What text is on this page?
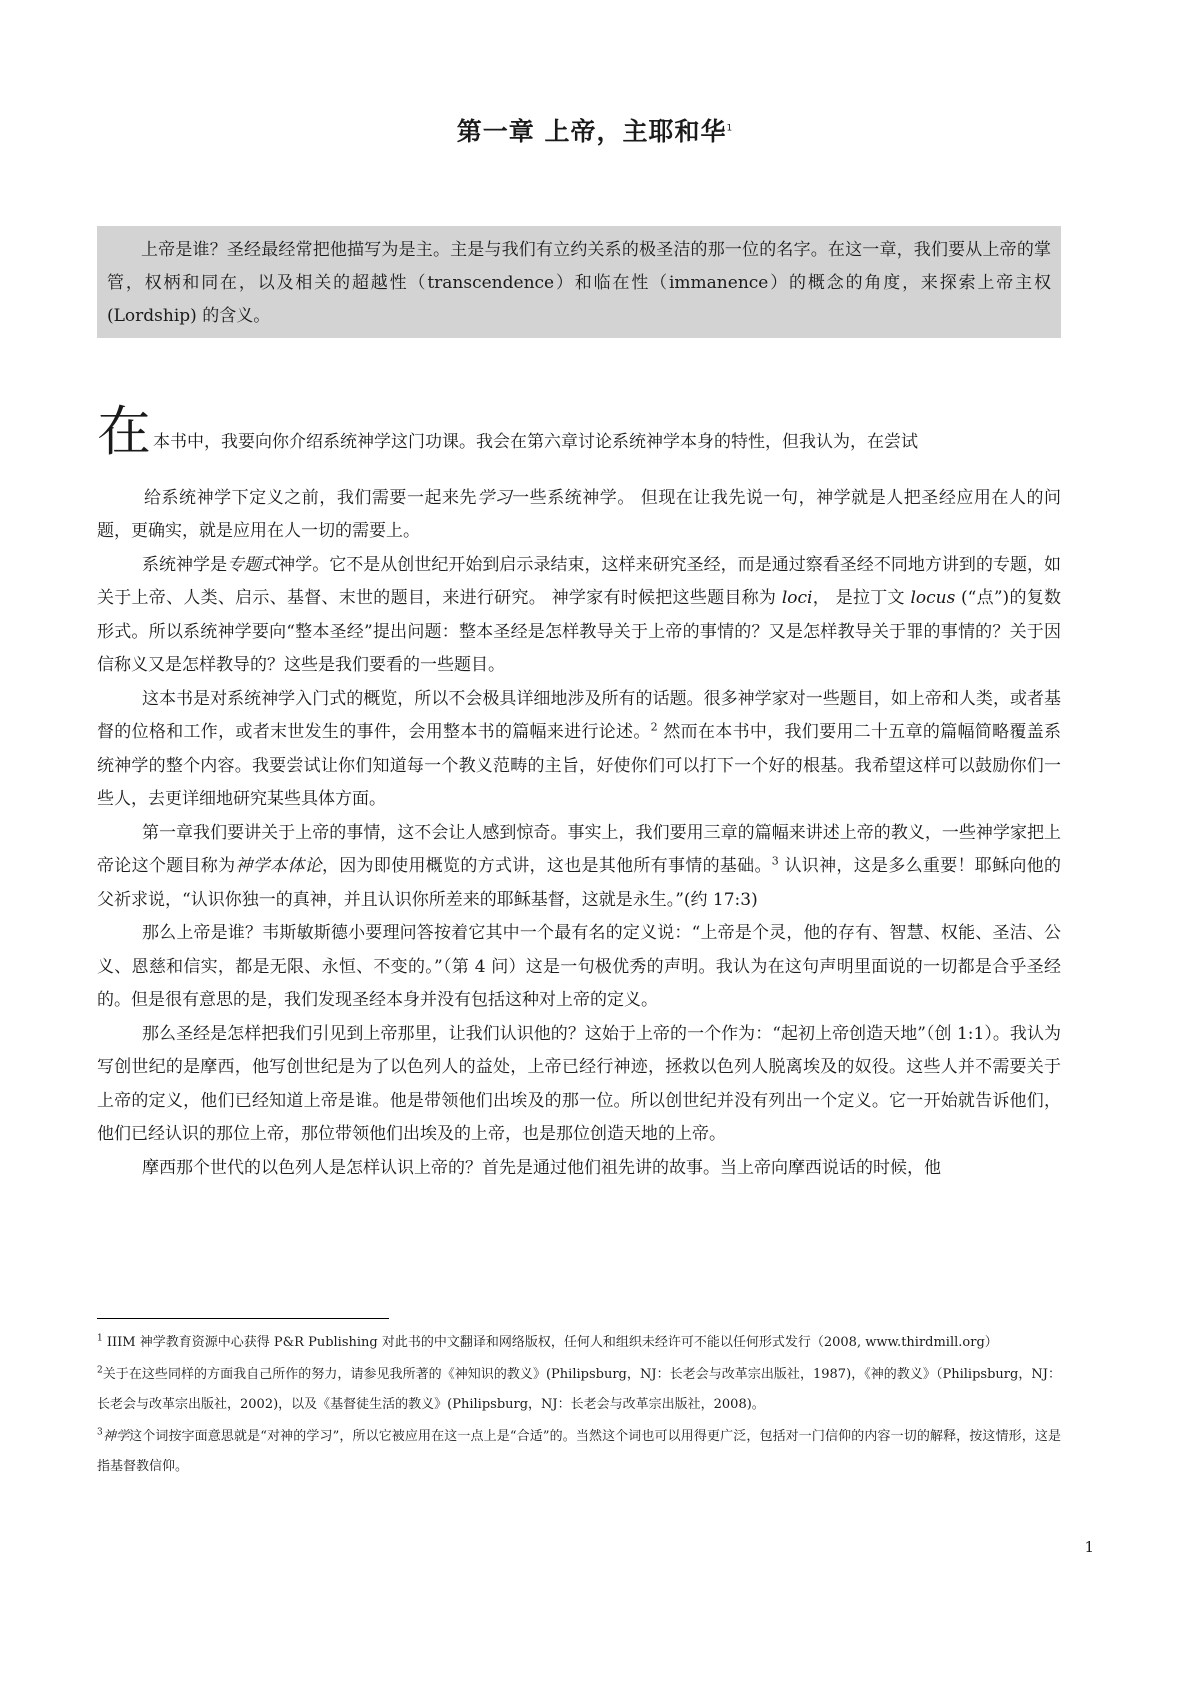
第一章 上帝，主耶和华$^1$

上帝是谁？圣经最经常把他描写为是主。主是与我们有立约关系的极圣洁的那一位的名字。在这一章，我们要从上帝的掌管，权柄和同在，以及相关的超越性（transcendence）和临在性（immanence）的概念的角度，来探索上帝主权 (Lordship) 的含义。

在本书中，我要向你介绍系统神学这门功课。我会在第六章讨论系统神学本身的特性，但我认为，在尝试
给系统神学下定义之前，我们需要一起来先学习一些系统神学。 但现在让我先说一句，神学就是人把圣经应用在人的问题，更确实，就是应用在人一切的需要上。

系统神学是专题式神学。它不是从创世纪开始到启示录结束，这样来研究圣经，而是通过察看圣经不同地方讲到的专题，如关于上帝、人类、启示、基督、末世的题目，来进行研究。 神学家有时候把这些题目称为 loci， 是拉丁文 locus (“点”)的复数形式。所以系统神学要向“整本圣经”提出问题：整本圣经是怎样教导关于上帝的事情的？又是怎样教导关于罪的事情的？关于因信称义又是怎样教导的？这些是我们要看的一些题目。

这本书是对系统神学入门式的概览，所以不会极具详细地涉及所有的话题。很多神学家对一些题目，如上帝和人类，或者基督的位格和工作，或者末世发生的事件，会用整本书的篇幅来进行论述。$^2$ 然而在本书中，我们要用二十五章的篇幅简略覆盖系统神学的整个内容。我要尝试让你们知道每一个教义范畴的主旨，好使你们可以打下一个好的根基。我希望这样可以鼓励你们一些人，去更详细地研究某些具体方面。

第一章我们要讲关于上帝的事情，这不会让人感到惊奇。事实上，我们要用三章的篇幅来讲述上帝的教义，一些神学家把上帝论这个题目称为神学本体论，因为即使用概览的方式讲，这也是其他所有事情的基础。$^3$ 认识神，这是多么重要！耶稣向他的父祈求说，“认识你独一的真神，并且认识你所差来的耶稣基督，这就是永生。”(约 17:3)

那么上帝是谁？韦斯敏斯德小要理问答按着它其中一个最有名的定义说：“上帝是个灵，他的存有、智慧、权能、圣洁、公义、恩慈和信实，都是无限、永恒、不变的。”（第 4 问）这是一句极优秀的声明。我认为在这句声明里面说的一切都是合乎圣经的。但是很有意思的是，我们发现圣经本身并没有包括这种对上帝的定义。

那么圣经是怎样把我们引见到上帝那里，让我们认识他的？这始于上帝的一个作为：“起初上帝创造天地”（创 1:1）。我认为写创世纪的是摩西，他写创世纪是为了以色列人的益处，上帝已经行神迹，拯救以色列人脱离埃及的奴役。这些人并不需要关于上帝的定义，他们已经知道上帝是谁。他是带领他们出埃及的那一位。所以创世纪并没有列出一个定义。它一开始就告诉他们，他们已经认识的那位上帝，那位带领他们出埃及的上帝，也是那位创造天地的上帝。

摩西那个世代的以色列人是怎样认识上帝的？首先是通过他们祖先讲的故事。当上帝向摩西说话的时候，他

$^1$ IIIM 神学教育资源中心获得 P&R Publishing 对此书的中文翻译和网络版权，任何人和组织未经许可不能以任何形式发行（2008, www.thirdmill.org）

$^2$关于在这些同样的方面我自己所作的努力，请参见我所著的《神知识的教义》(Philipsburg，NJ：长老会与改革宗出版社，1987)，《神的教义》（Philipsburg，NJ：长老会与改革宗出版社，2002)，以及《基督徒生活的教义》(Philipsburg，NJ：长老会与改革宗出版社，2008)。

$^3$神学这个词按字面意思就是“对神的学习”，所以它被应用在这一点上是“合适”的。当然这个词也可以用得更广泛，包括对一门信仰的内容一切的解释，按这情形，这是指基督教信仰。

1
